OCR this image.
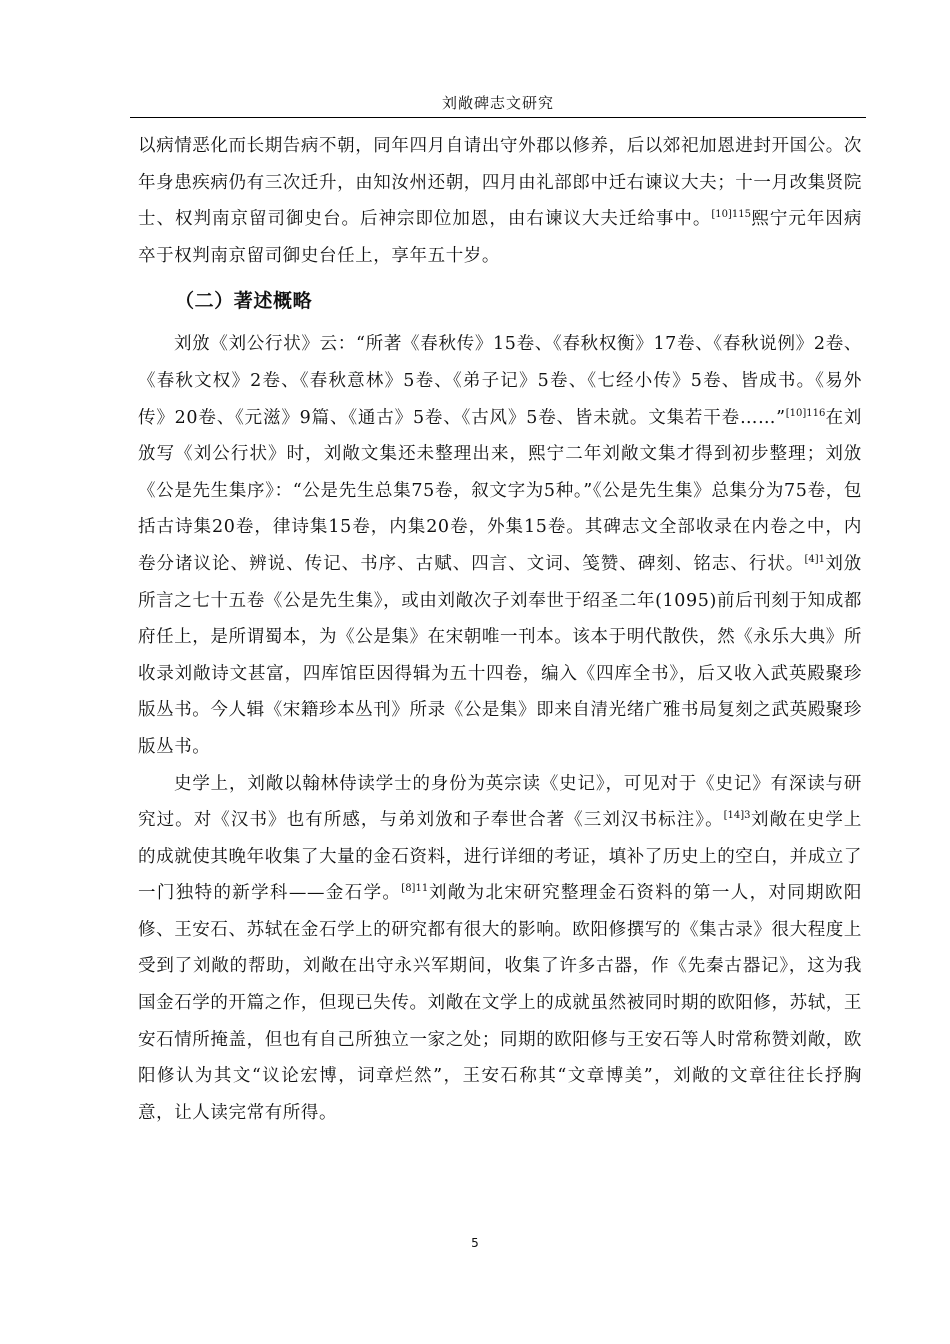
刘敞碑志文研究

以病情恶化而长期告病不朝，同年四月自请出守外郡以修养，后以郊祀加恩进封开国公。次年身患疾病仍有三次迁升，由知汝州还朝，四月由礼部郎中迁右谏议大夫；十一月改集贤院士、权判南京留司御史台。后神宗即位加恩，由右谏议大夫迁给事中。$^{[10]115}$熙宁元年因病卒于权判南京留司御史台任上，享年五十岁。

（二）著述概略

刘攽《刘公行状》云：“所著《春秋传》15卷、《春秋权衡》17卷、《春秋说例》2卷、《春秋文权》2卷、《春秋意林》5卷、《弟子记》5卷、《七经小传》5卷、皆成书。《易外传》20卷、《元滋》9篇、《通古》5卷、《古风》5卷、皆未就。文集若干卷……”$^{[10]116}$在刘攽写《刘公行状》时，刘敞文集还未整理出来，熙宁二年刘敞文集才得到初步整理；刘攽《公是先生集序》：“公是先生总集75卷，叙文字为5种。”《公是先生集》总集分为75卷，包括古诗集20卷，律诗集15卷，内集20卷，外集15卷。其碑志文全部收录在内卷之中，内卷分诸议论、辨说、传记、书序、古赋、四言、文词、笺赞、碑刻、铭志、行状。$^{[4]1}$刘攽所言之七十五卷《公是先生集》，或由刘敞次子刘奉世于绍圣二年(1095)前后刊刻于知成都府任上，是所谓蜀本，为《公是集》在宋朝唯一刊本。该本于明代散佚，然《永乐大典》所收录刘敞诗文甚富，四库馆臣因得辑为五十四卷，编入《四库全书》，后又收入武英殿聚珍版丛书。今人辑《宋籍珍本丛刊》所录《公是集》即来自清光绪广雅书局复刻之武英殿聚珍版丛书。

史学上，刘敞以翰林侍读学士的身份为英宗读《史记》，可见对于《史记》有深读与研究过。对《汉书》也有所感，与弟刘攽和子奉世合著《三刘汉书标注》。$^{[14]3}$刘敞在史学上的成就使其晚年收集了大量的金石资料，进行详细的考证，填补了历史上的空白，并成立了一门独特的新学科——金石学。$^{[8]11}$刘敞为北宋研究整理金石资料的第一人，对同期欧阳修、王安石、苏轼在金石学上的研究都有很大的影响。欧阳修撰写的《集古录》很大程度上受到了刘敞的帮助，刘敞在出守永兴军期间，收集了许多古器，作《先秦古器记》，这为我国金石学的开篇之作，但现已失传。刘敞在文学上的成就虽然被同时期的欧阳修，苏轼，王安石情所掩盖，但也有自己所独立一家之处；同期的欧阳修与王安石等人时常称赞刘敞，欧阳修认为其文“议论宏博，词章烂然”，王安石称其“文章博美”，刘敞的文章往往长抒胸意，让人读完常有所得。

5
